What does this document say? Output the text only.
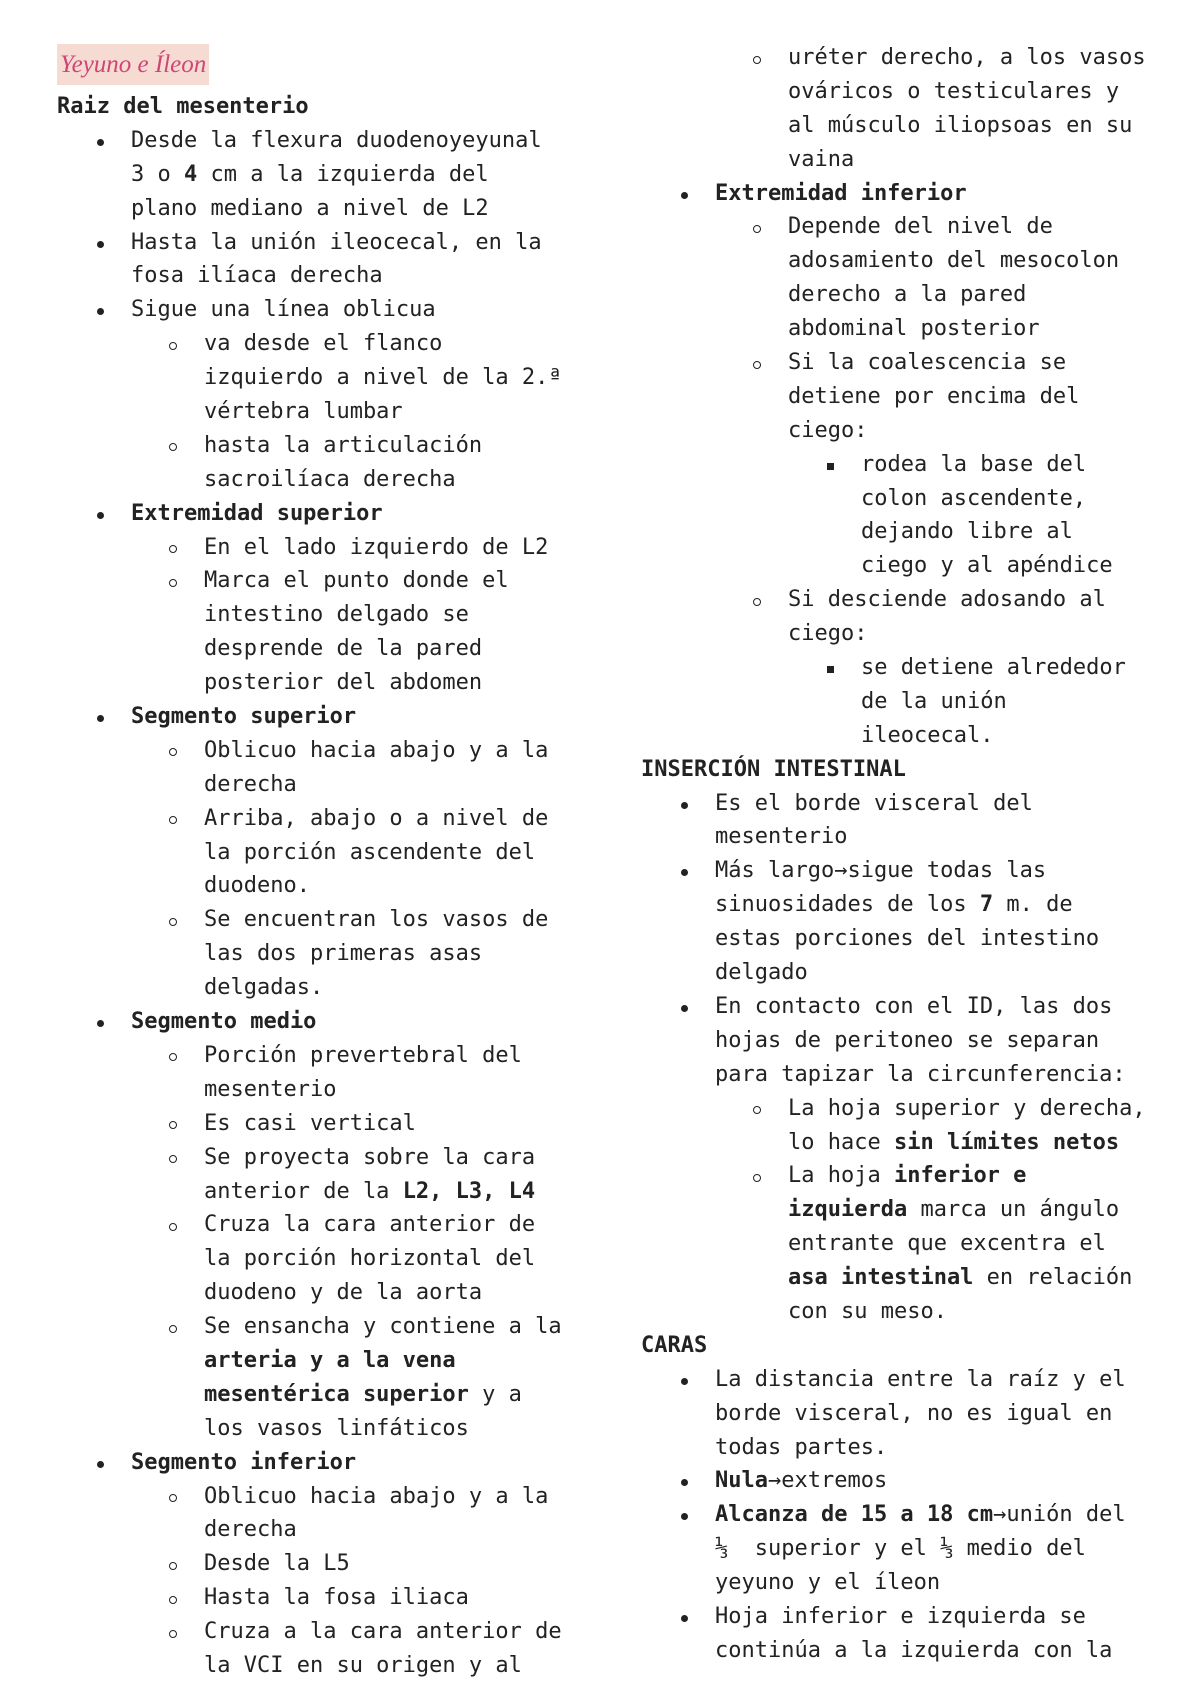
Yeyuno e Íleon
Raiz del mesenterio
Desde la flexura duodenoyeyunal
3 o 4 cm a la izquierda del
plano mediano a nivel de L2
Hasta la unión ileocecal, en la
fosa ilíaca derecha
Sigue una línea oblicua
va desde el flanco
izquierdo a nivel de la 2.ª
vértebra lumbar
hasta la articulación
sacroilíaca derecha
Extremidad superior
En el lado izquierdo de L2
Marca el punto donde el
intestino delgado se
desprende de la pared
posterior del abdomen
Segmento superior
Oblicuo hacia abajo y a la
derecha
Arriba, abajo o a nivel de
la porción ascendente del
duodeno.
Se encuentran los vasos de
las dos primeras asas
delgadas.
Segmento medio
Porción prevertebral del
mesenterio
Es casi vertical
Se proyecta sobre la cara
anterior de la L2, L3, L4
Cruza la cara anterior de
la porción horizontal del
duodeno y de la aorta
Se ensancha y contiene a la
arteria y a la vena
mesentérica superior y a
los vasos linfáticos
Segmento inferior
Oblicuo hacia abajo y a la
derecha
Desde la L5
Hasta la fosa iliaca
Cruza a la cara anterior de
la VCI en su origen y al
uréter derecho, a los vasos
ováricos o testiculares y
al músculo iliopsoas en su
vaina
Extremidad inferior
Depende del nivel de
adosamiento del mesocolon
derecho a la pared
abdominal posterior
Si la coalescencia se
detiene por encima del
ciego:
rodea la base del
colon ascendente,
dejando libre al
ciego y al apéndice
Si desciende adosando al
ciego:
se detiene alrededor
de la unión
ileocecal.
INSERCIÓN INTESTINAL
Es el borde visceral del
mesenterio
Más largo→sigue todas las
sinuosidades de los 7 m. de
estas porciones del intestino
delgado
En contacto con el ID, las dos
hojas de peritoneo se separan
para tapizar la circunferencia:
La hoja superior y derecha,
lo hace sin límites netos
La hoja inferior e
izquierda marca un ángulo
entrante que excentra el
asa intestinal en relación
con su meso.
CARAS
La distancia entre la raíz y el
borde visceral, no es igual en
todas partes.
Nula→extremos
Alcanza de 15 a 18 cm→unión del
⅓  superior y el ⅓ medio del
yeyuno y el íleon
Hoja inferior e izquierda se
continúa a la izquierda con la
